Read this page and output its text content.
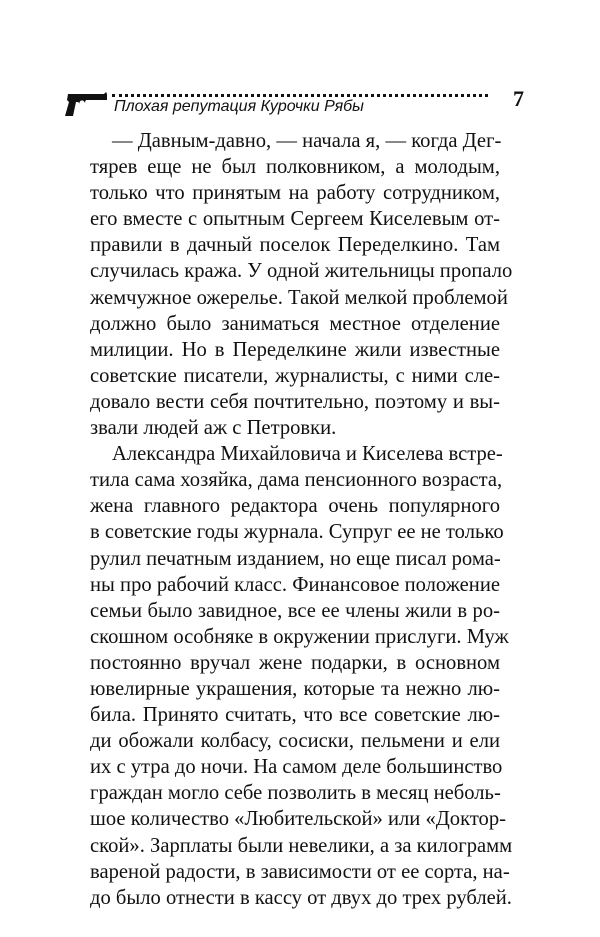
Плохая репутация Курочки Рябы	7

— Давным-давно, — начала я, — когда Дег-
тярев еще не был полковником, а молодым,
только что принятым на работу сотрудником,
его вместе с опытным Сергеем Киселевым от-
правили в дачный поселок Переделкино. Там
случилась кража. У одной жительницы пропало
жемчужное ожерелье. Такой мелкой проблемой
должно было заниматься местное отделение
милиции. Но в Переделкине жили известные
советские писатели, журналисты, с ними сле-
довало вести себя почтительно, поэтому и вы-
звали людей аж с Петровки.

Александра Михайловича и Киселева встре-
тила сама хозяйка, дама пенсионного возраста,
жена главного редактора очень популярного
в советские годы журнала. Супруг ее не только
рулил печатным изданием, но еще писал рома-
ны про рабочий класс. Финансовое положение
семьи было завидное, все ее члены жили в ро-
скошном особняке в окружении прислуги. Муж
постоянно вручал жене подарки, в основном
ювелирные украшения, которые та нежно лю-
била. Принято считать, что все советские лю-
ди обожали колбасу, сосиски, пельмени и ели
их с утра до ночи. На самом деле большинство
граждан могло себе позволить в месяц неболь-
шое количество «Любительской» или «Доктор-
ской». Зарплаты были невелики, а за килограмм
вареной радости, в зависимости от ее сорта, на-
до было отнести в кассу от двух до трех рублей.
